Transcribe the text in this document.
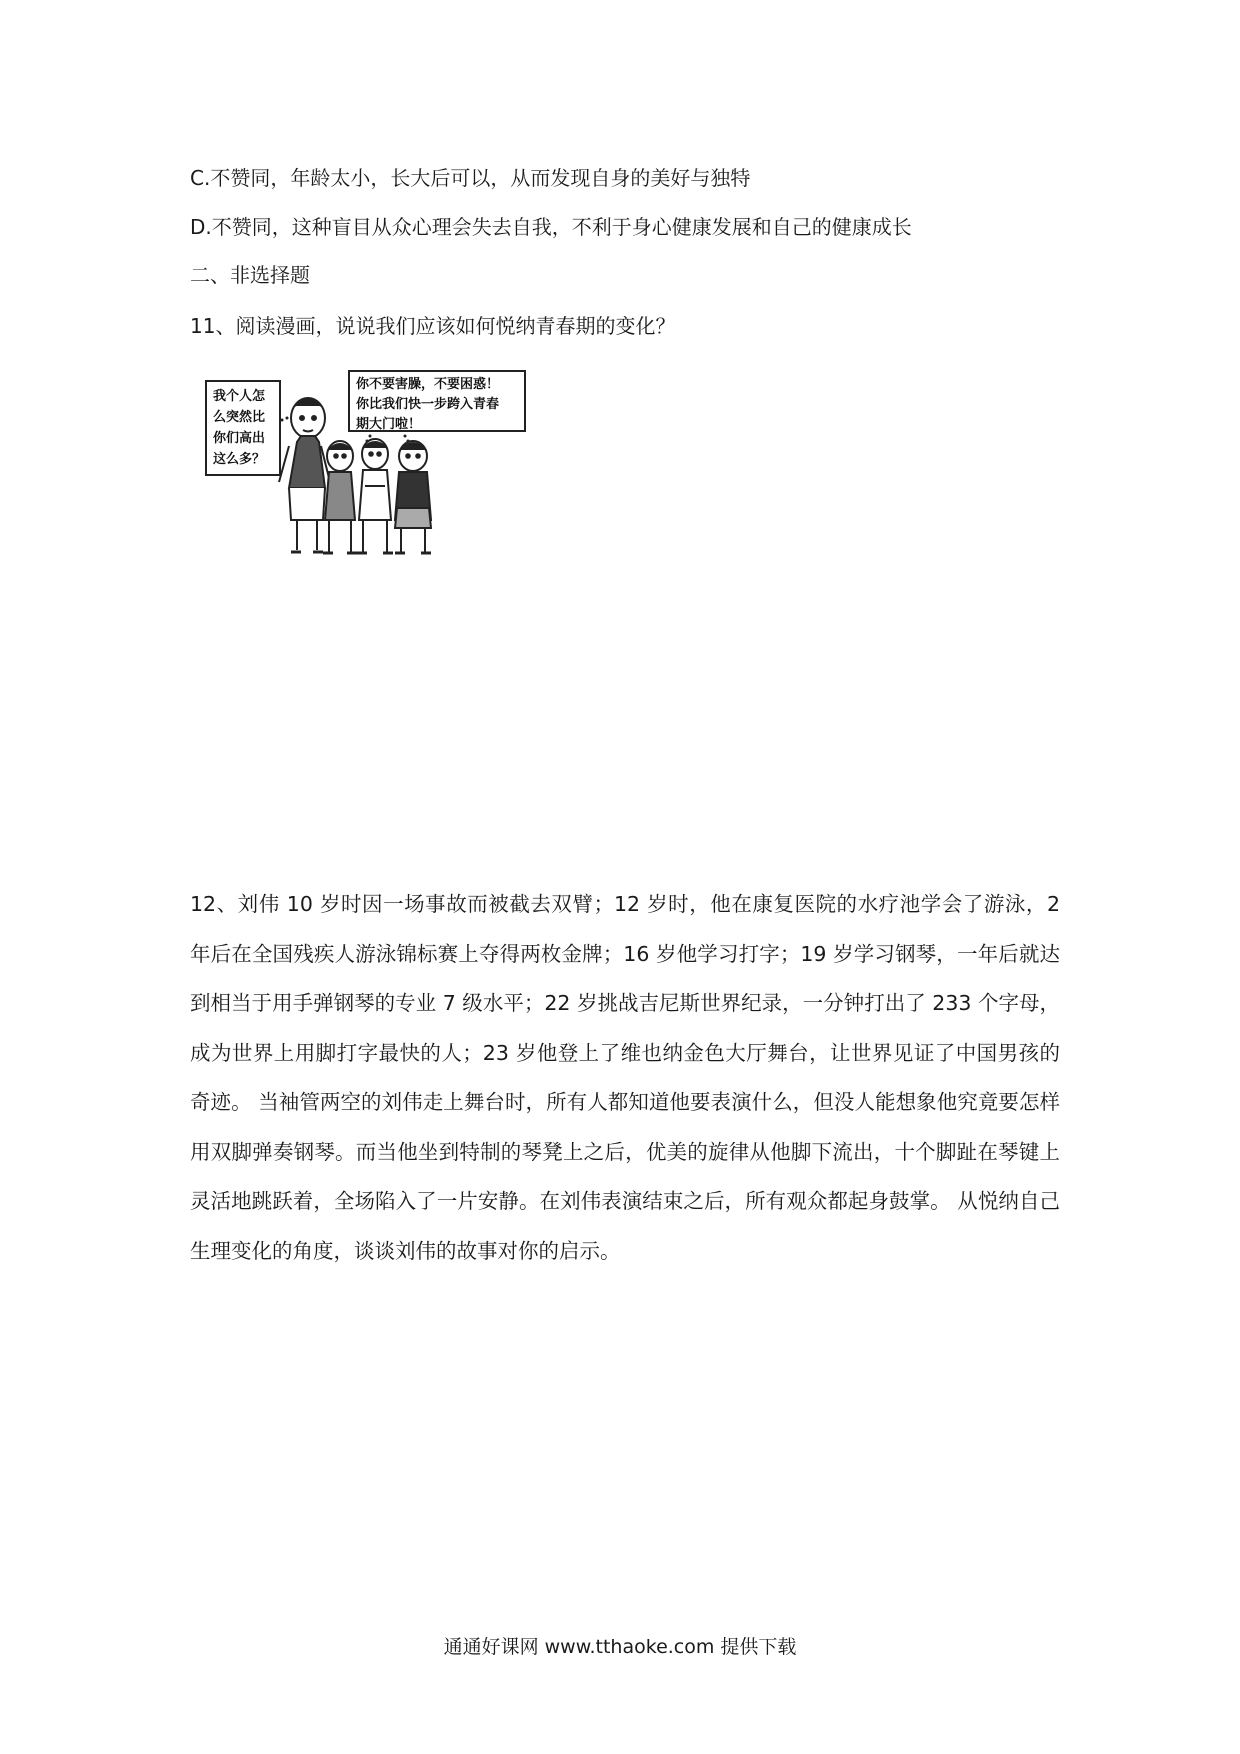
C.不赞同，年龄太小，长大后可以，从而发现自身的美好与独特
D.不赞同，这种盲目从众心理会失去自我，不利于身心健康发展和自己的健康成长
二、非选择题
11、阅读漫画，说说我们应该如何悦纳青春期的变化？
我个人怎
么突然比
你们高出
这么多？
你不要害臊，不要困惑！
你比我们快一步跨入青春
期大门啦！
12、刘伟 10 岁时因一场事故而被截去双臂；12 岁时，他在康复医院的水疗池学会了游泳，2 年后在全国残疾人游泳锦标赛上夺得两枚金牌；16 岁他学习打字；19 岁学习钢琴，一年后就达到相当于用手弹钢琴的专业 7 级水平；22 岁挑战吉尼斯世界纪录，一分钟打出了 233 个字母，成为世界上用脚打字最快的人；23 岁他登上了维也纳金色大厅舞台，让世界见证了中国男孩的奇迹。 当袖管两空的刘伟走上舞台时，所有人都知道他要表演什么，但没人能想象他究竟要怎样用双脚弹奏钢琴。而当他坐到特制的琴凳上之后，优美的旋律从他脚下流出，十个脚趾在琴键上灵活地跳跃着，全场陷入了一片安静。在刘伟表演结束之后，所有观众都起身鼓掌。 从悦纳自己生理变化的角度，谈谈刘伟的故事对你的启示。
通通好课网 www.tthaoke.com 提供下载
